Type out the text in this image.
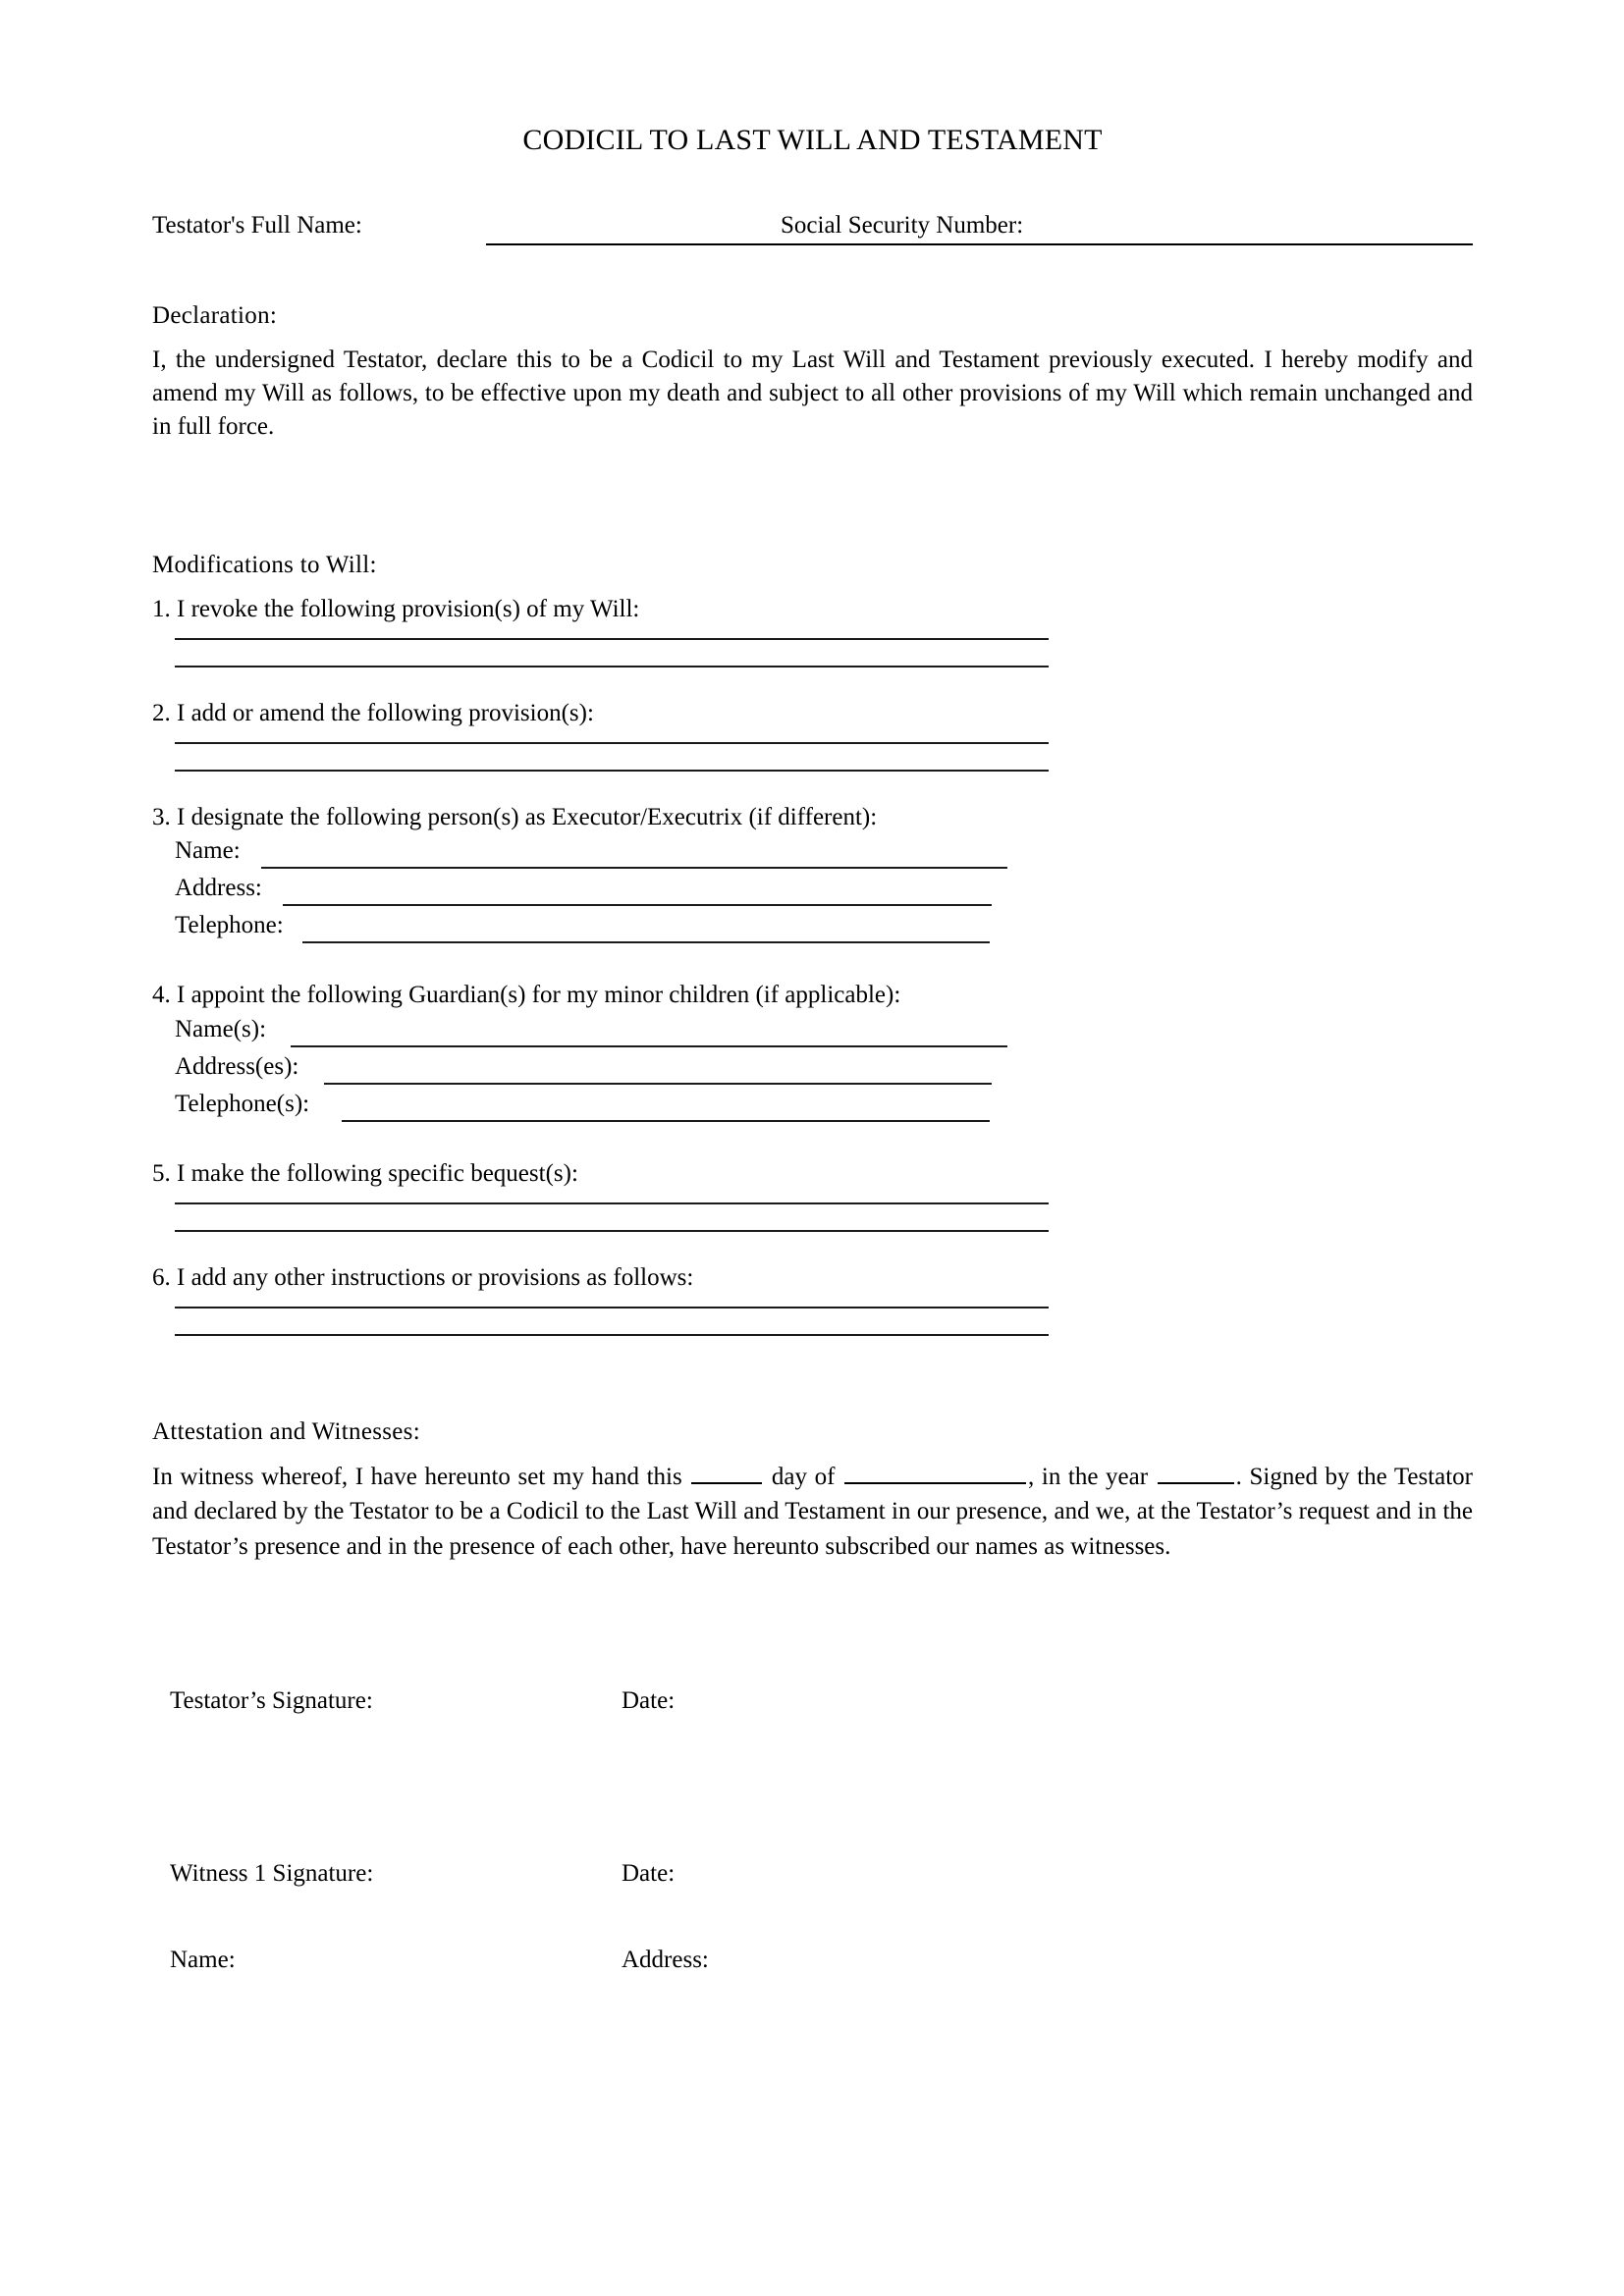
CODICIL TO LAST WILL AND TESTAMENT
Testator's Full Name:	Social Security Number:
Declaration:

I, the undersigned Testator, declare this to be a Codicil to my Last Will and Testament previously executed. I hereby modify and amend my Will as follows, to be effective upon my death and subject to all other provisions of my Will which remain unchanged and in full force.

Modifications to Will:

1. I revoke the following provision(s) of my Will:

2. I add or amend the following provision(s):

3. I designate the following person(s) as Executor/Executrix (if different):

Name:
Address:
Telephone:

4. I appoint the following Guardian(s) for my minor children (if applicable):

Name(s):
Address(es):
Telephone(s):

5. I make the following specific bequest(s):

6. I add any other instructions or provisions as follows:

Attestation and Witnesses:

In witness whereof, I have hereunto set my hand this	day of	, in the year	. Signed by the Testator and declared by the Testator to be a Codicil to the Last Will and Testament in our presence, and we, at the Testator’s request and in the Testator’s presence and in the presence of each other, have hereunto subscribed our names as witnesses.

Testator’s Signature:	Date:
Witness 1 Signature:	Date:
Name:	Address:
